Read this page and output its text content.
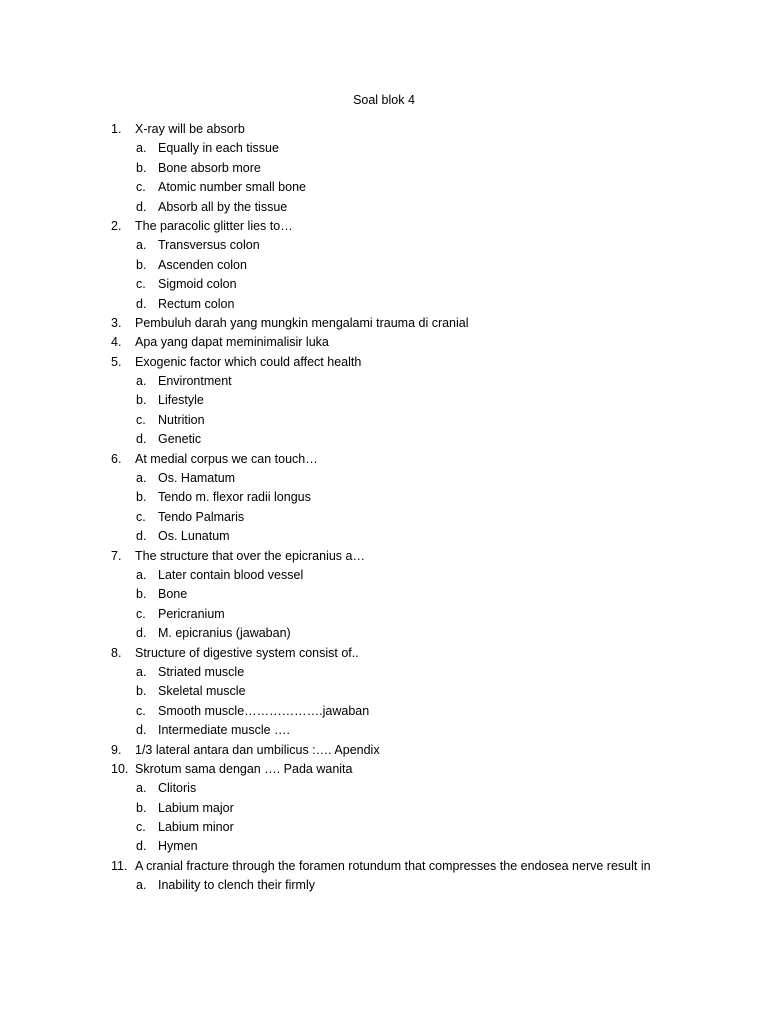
Soal blok 4
1.	X-ray will be absorb
a. Equally in each tissue
b. Bone absorb more
c. Atomic number small bone
d. Absorb all by the tissue
2.	The paracolic glitter lies to…
a. Transversus colon
b. Ascenden colon
c. Sigmoid colon
d. Rectum colon
3.	Pembuluh darah yang mungkin mengalami trauma di cranial
4.	Apa yang dapat meminimalisir luka
5.	Exogenic factor which could affect health
a. Environtment
b. Lifestyle
c. Nutrition
d. Genetic
6.	At medial corpus we can touch…
a. Os. Hamatum
b. Tendo m. flexor radii longus
c. Tendo Palmaris
d. Os. Lunatum
7.	The structure that over the epicranius a…
a. Later contain blood vessel
b. Bone
c. Pericranium
d. M. epicranius (jawaban)
8.	Structure of digestive system consist of..
a. Striated muscle
b. Skeletal muscle
c. Smooth muscle……………….jawaban
d. Intermediate muscle ….
9.	1/3 lateral antara dan umbilicus :…. Apendix
10. Skrotum sama dengan …. Pada wanita
a. Clitoris
b. Labium major
c. Labium minor
d. Hymen
11. A cranial fracture through the foramen rotundum that compresses the endosea nerve result in
a. Inability to clench their firmly
